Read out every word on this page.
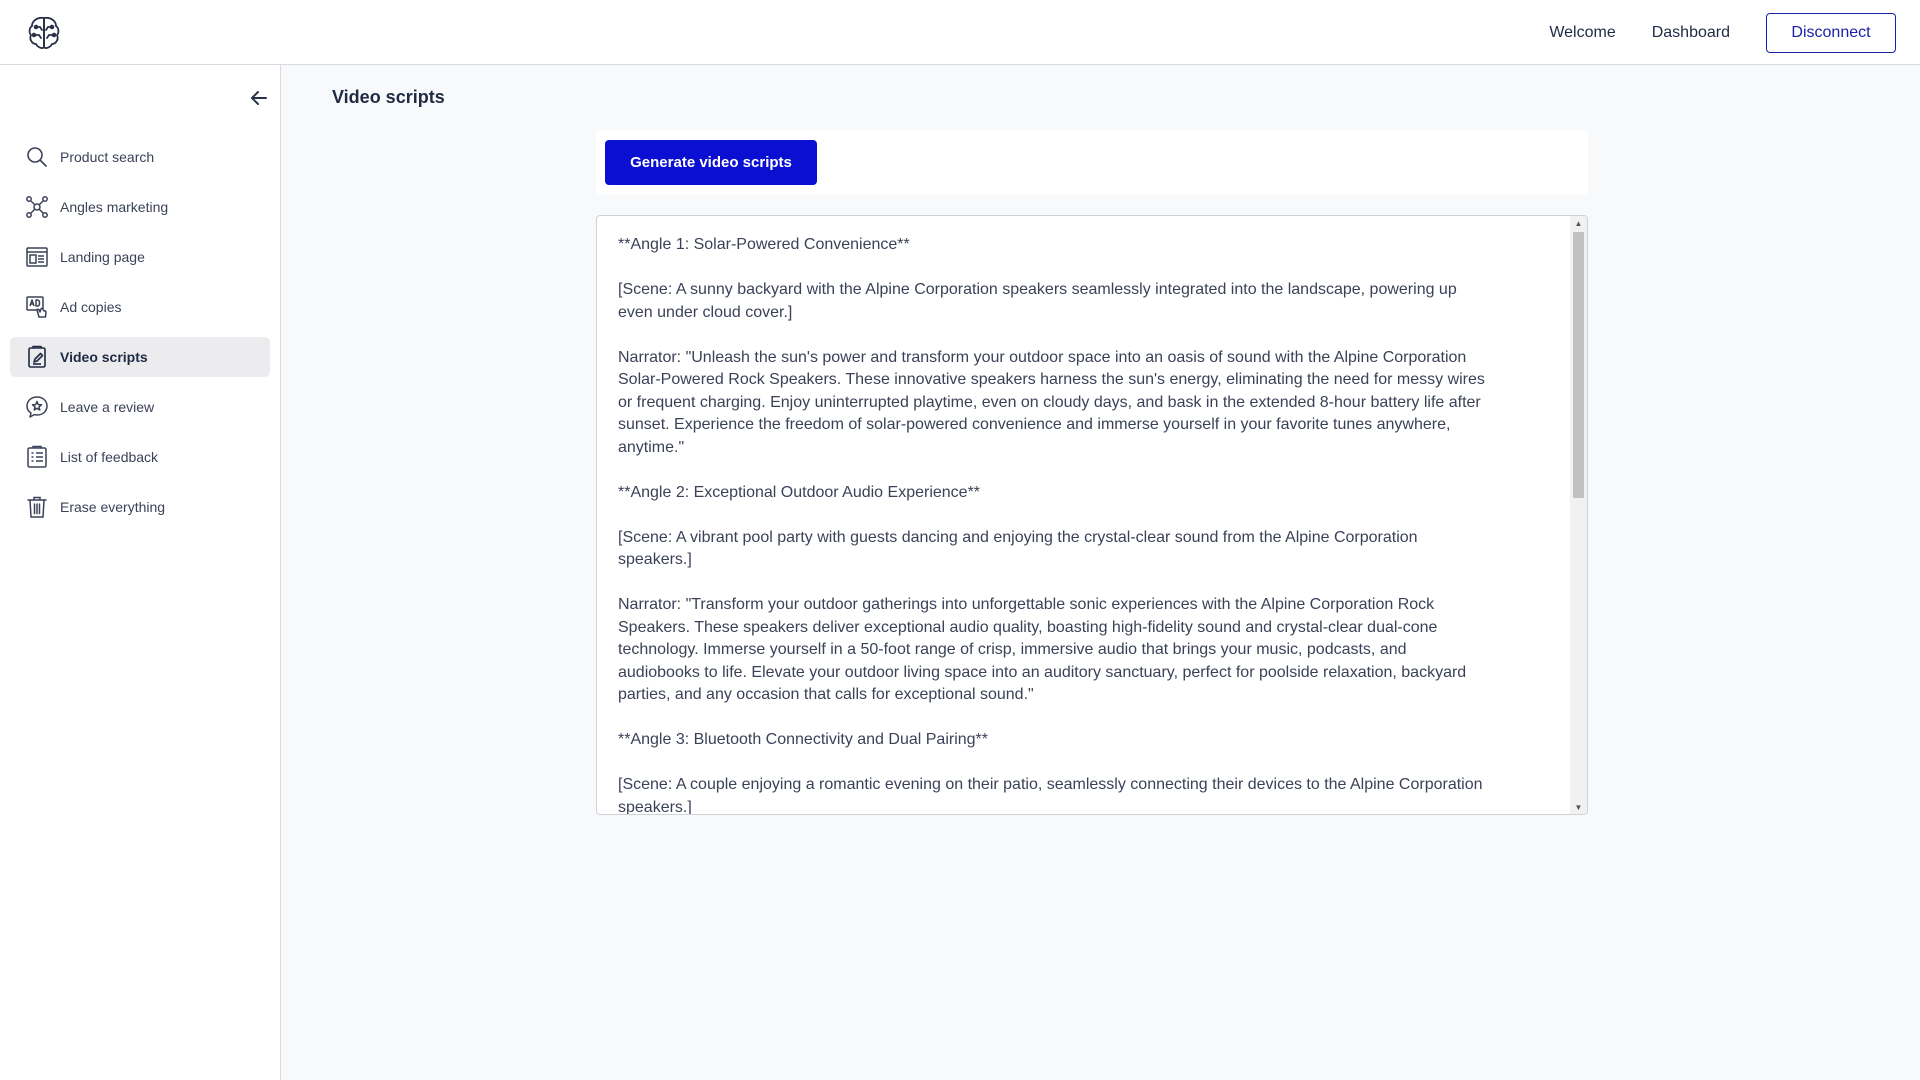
Welcome Dashboard	Disconnect
Product search
Angles marketing
Landing page
Ad copies
Video scripts
Leave a review
List of feedback
Erase everything
Video scripts
Generate video scripts
**Angle 1: Solar-Powered Convenience**

[Scene: A sunny backyard with the Alpine Corporation speakers seamlessly integrated into the landscape, powering up
even under cloud cover.]

Narrator: "Unleash the sun's power and transform your outdoor space into an oasis of sound with the Alpine Corporation
Solar-Powered Rock Speakers. These innovative speakers harness the sun's energy, eliminating the need for messy wires
or frequent charging. Enjoy uninterrupted playtime, even on cloudy days, and bask in the extended 8-hour battery life after
sunset. Experience the freedom of solar-powered convenience and immerse yourself in your favorite tunes anywhere,
anytime."

**Angle 2: Exceptional Outdoor Audio Experience**

[Scene: A vibrant pool party with guests dancing and enjoying the crystal-clear sound from the Alpine Corporation
speakers.]

Narrator: "Transform your outdoor gatherings into unforgettable sonic experiences with the Alpine Corporation Rock
Speakers. These speakers deliver exceptional audio quality, boasting high-fidelity sound and crystal-clear dual-cone
technology. Immerse yourself in a 50-foot range of crisp, immersive audio that brings your music, podcasts, and
audiobooks to life. Elevate your outdoor living space into an auditory sanctuary, perfect for poolside relaxation, backyard
parties, and any occasion that calls for exceptional sound."

**Angle 3: Bluetooth Connectivity and Dual Pairing**

[Scene: A couple enjoying a romantic evening on their patio, seamlessly connecting their devices to the Alpine Corporation
speakers.]
▲
▼
